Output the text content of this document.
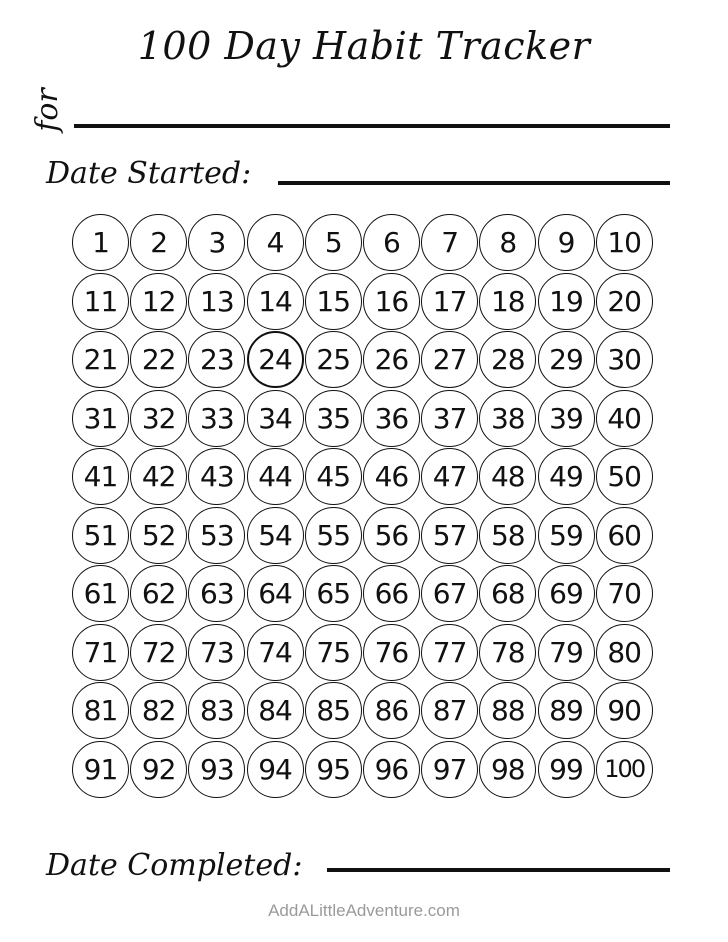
100 Day Habit Tracker
for
Date Started:
1	2	3	4	5	6	7	8	9	10
11 12 13 14 15 16 17 18 19 20
21 22 23 24 25 26 27 28 29 30
31 32 33 34 35 36 37 38 39 40
41 42 43 44 45 46 47 48 49 50
51 52 53 54 55 56 57 58 59 60
61 62 63 64 65 66 67 68 69 70
71 72 73 74 75 76 77 78 79 80
81 82 83 84 85 86 87 88 89 90
91 92 93 94 95 96 97 98 99 100
Date Completed:
AddALittleAdventure.com
